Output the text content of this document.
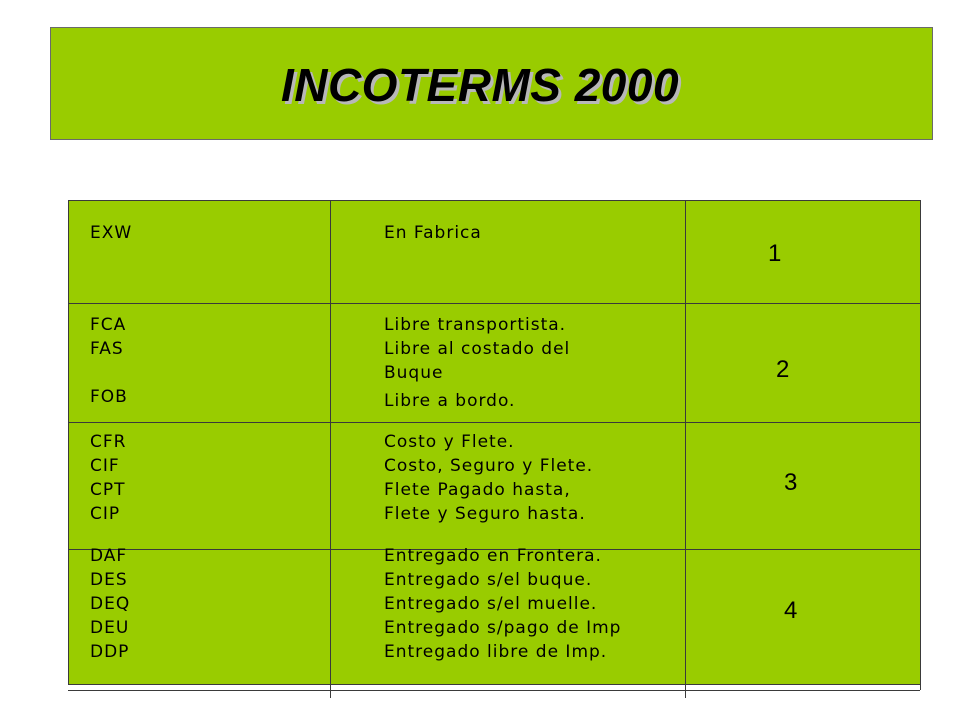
INCOTERMS 2000
EXW	En Fabrica
1
FCA
FAS
FOB
Libre transportista.
Libre al costado del
Buque
Libre a bordo.
2
CFR
CIF
CPT
CIP
Costo y Flete.
Costo, Seguro y Flete.
Flete Pagado hasta,
Flete y Seguro hasta.
3
DAF
DES
DEQ
DEU
DDP
Entregado en Frontera.
Entregado s/el buque.
Entregado s/el muelle.
Entregado s/pago de Imp
Entregado libre de Imp.
4
